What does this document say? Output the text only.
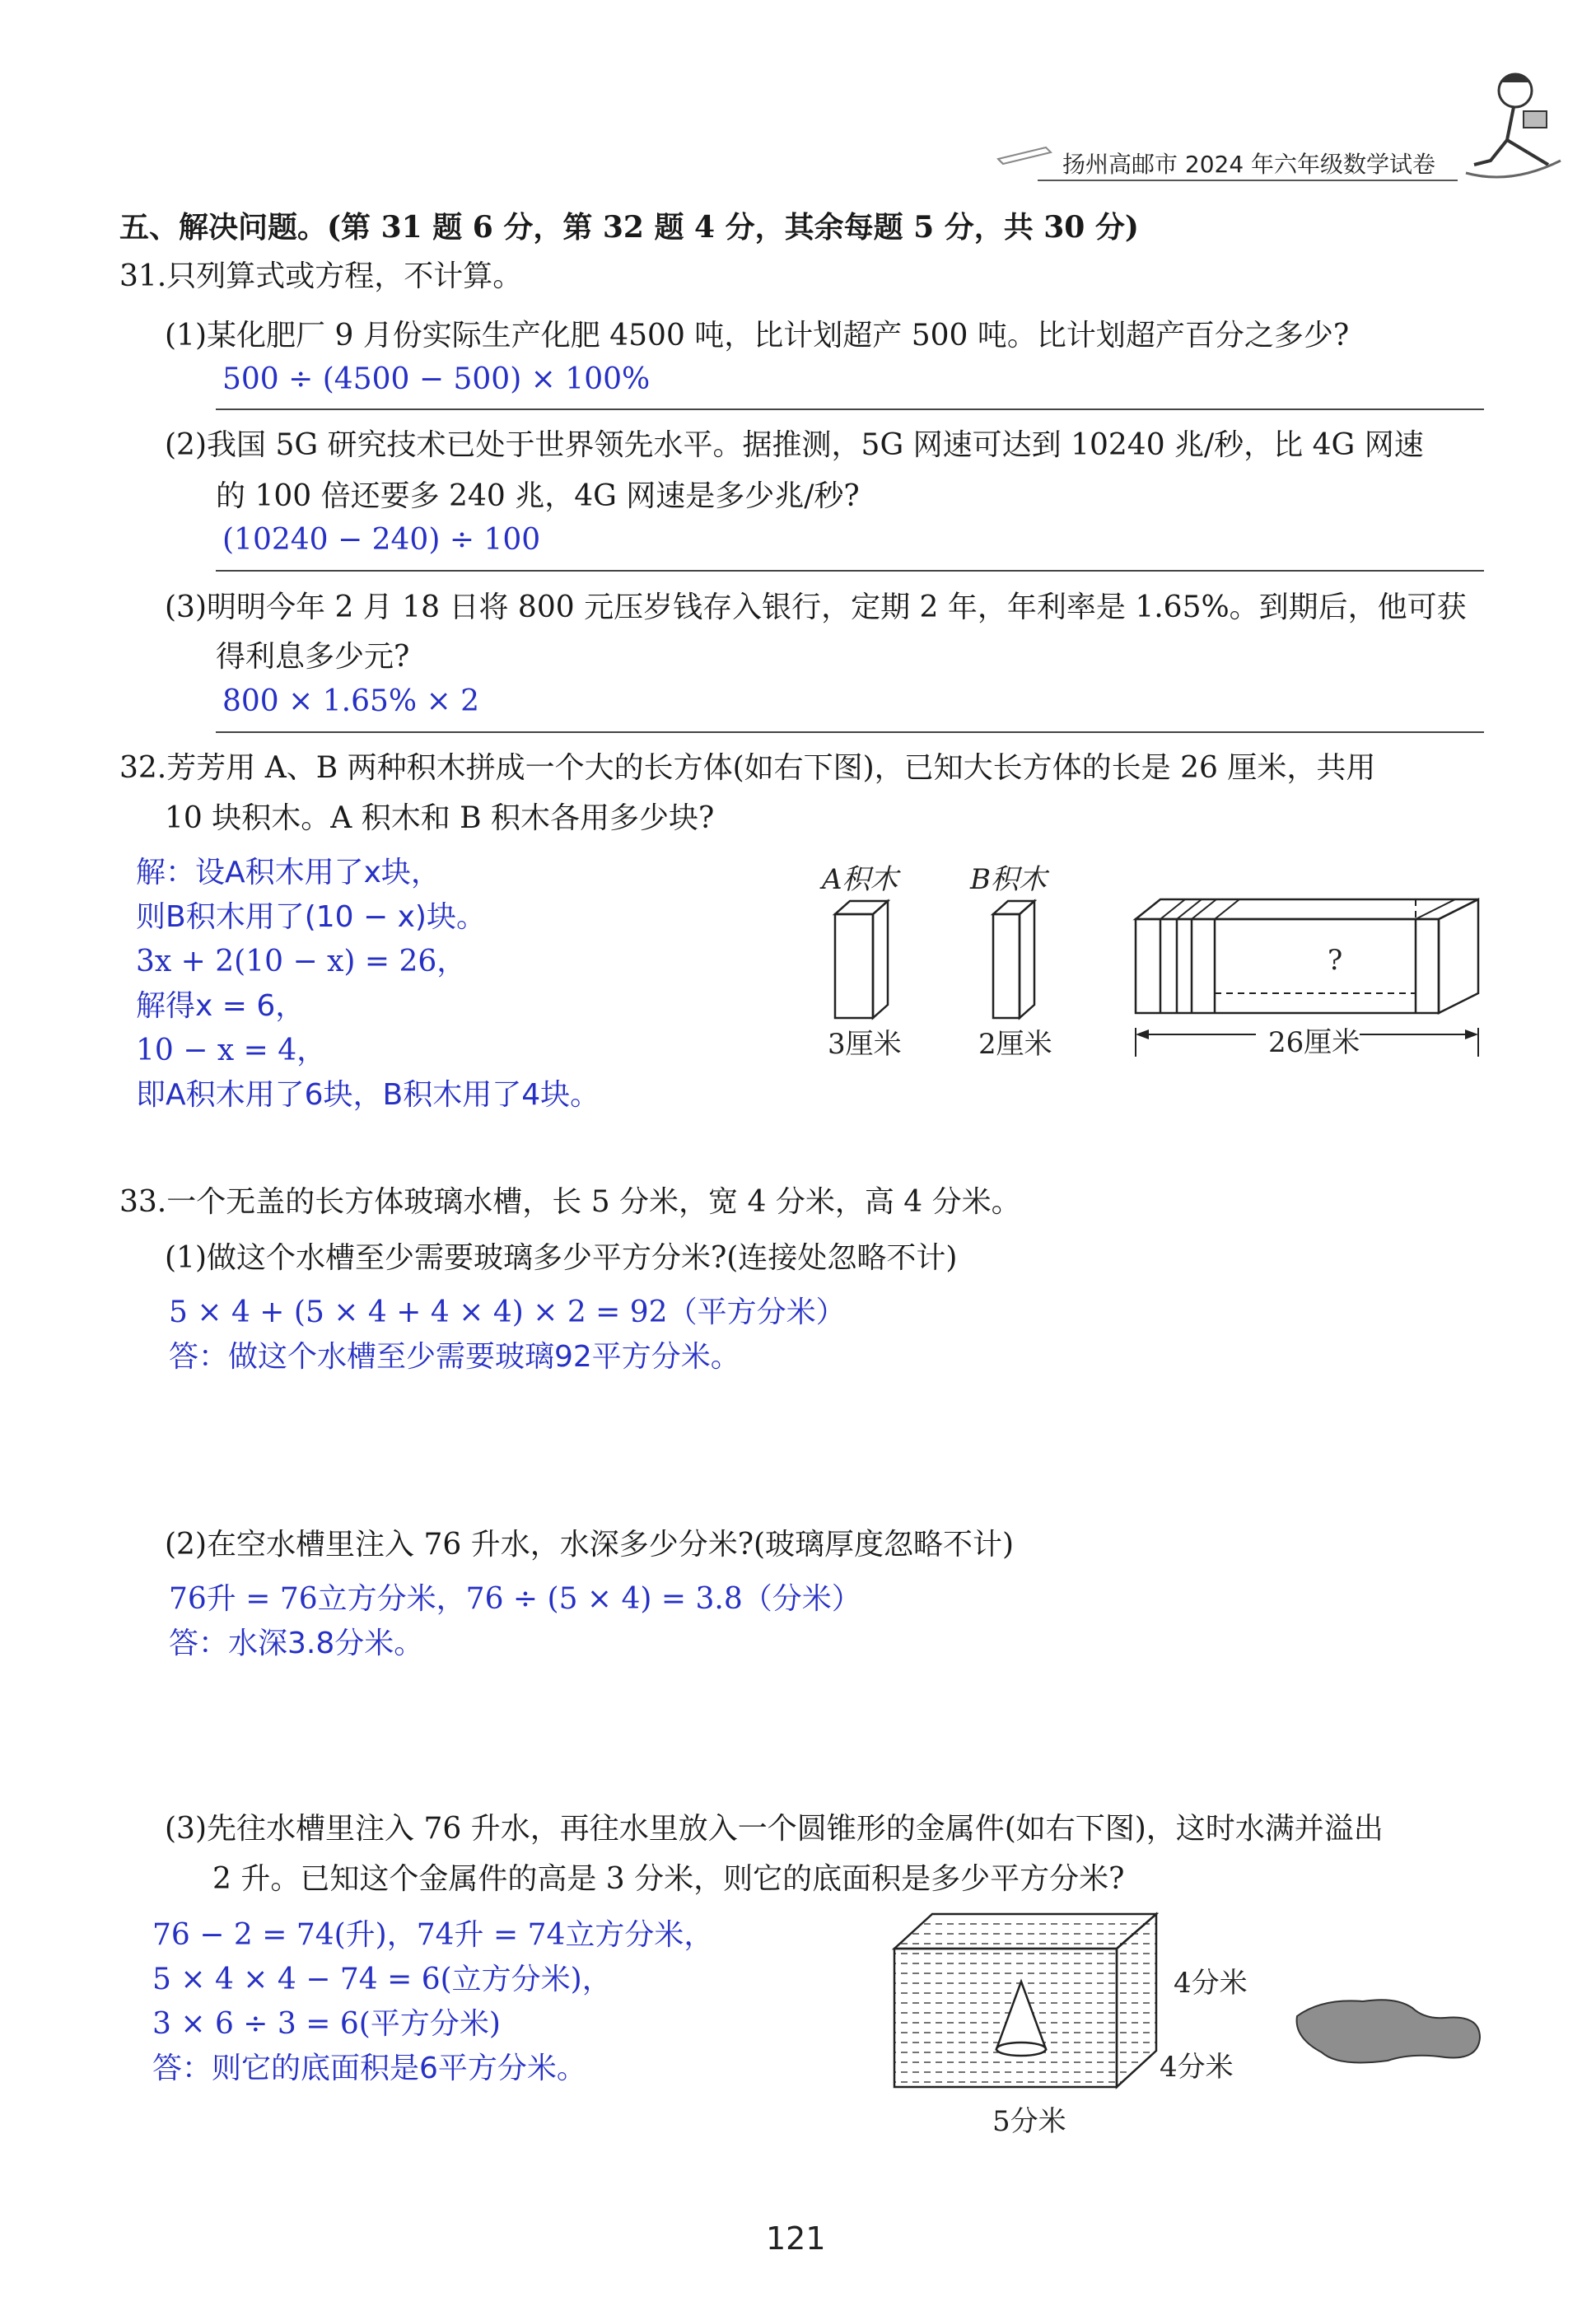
扬州高邮市 2024 年六年级数学试卷
五、解决问题。(第 31 题 6 分，第 32 题 4 分，其余每题 5 分，共 30 分)
31.只列算式或方程，不计算。
(1)某化肥厂 9 月份实际生产化肥 4500 吨，比计划超产 500 吨。比计划超产百分之多少?
500 ÷ (4500 − 500) × 100%
(2)我国 5G 研究技术已处于世界领先水平。据推测，5G 网速可达到 10240 兆/秒，比 4G 网速
的 100 倍还要多 240 兆，4G 网速是多少兆/秒?
(10240 − 240) ÷ 100
(3)明明今年 2 月 18 日将 800 元压岁钱存入银行，定期 2 年，年利率是 1.65%。到期后，他可获
得利息多少元?
800 × 1.65% × 2
32.芳芳用 A、B 两种积木拼成一个大的长方体(如右下图)，已知大长方体的长是 26 厘米，共用
10 块积木。A 积木和 B 积木各用多少块?
解：设A积木用了x块，
则B积木用了(10 − x)块。
3x + 2(10 − x) = 26，
解得x = 6，
10 − x = 4，
即A积木用了6块，B积木用了4块。
A积木	B积木
3厘米	2厘米
?
26厘米
33.一个无盖的长方体玻璃水槽，长 5 分米，宽 4 分米，高 4 分米。
(1)做这个水槽至少需要玻璃多少平方分米?(连接处忽略不计)
5 × 4 + (5 × 4 + 4 × 4) × 2 = 92（平方分米）
答：做这个水槽至少需要玻璃92平方分米。
(2)在空水槽里注入 76 升水，水深多少分米?(玻璃厚度忽略不计)
76升 = 76立方分米，76 ÷ (5 × 4) = 3.8（分米）
答：水深3.8分米。
(3)先往水槽里注入 76 升水，再往水里放入一个圆锥形的金属件(如右下图)，这时水满并溢出
2 升。已知这个金属件的高是 3 分米，则它的底面积是多少平方分米?
76 − 2 = 74(升)，74升 = 74立方分米，
5 × 4 × 4 − 74 = 6(立方分米)，
3 × 6 ÷ 3 = 6(平方分米)
答：则它的底面积是6平方分米。
4分米
4分米
5分米
121
